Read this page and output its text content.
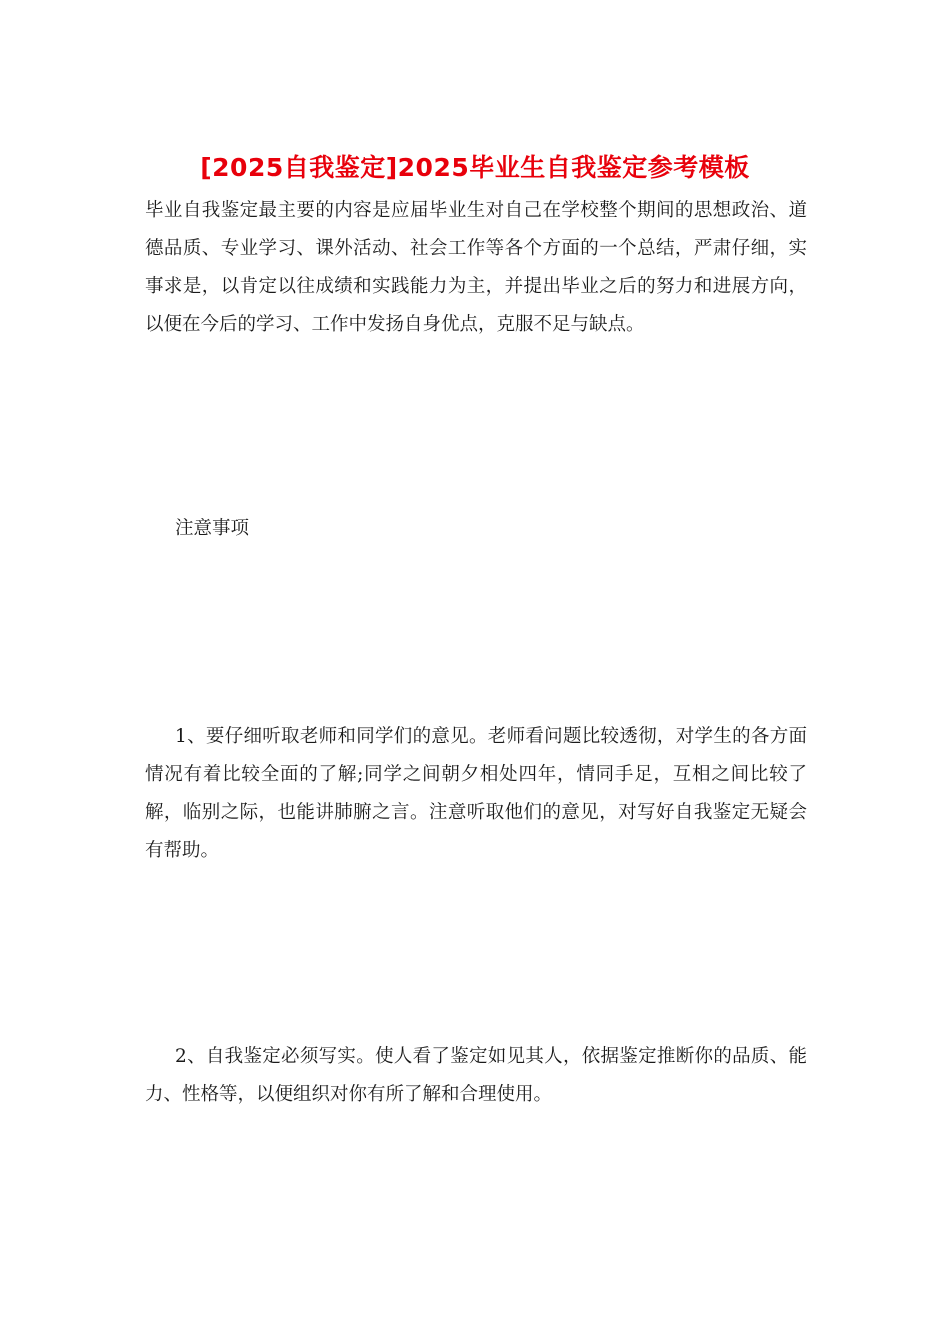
[2025自我鉴定]2025毕业生自我鉴定参考模板

毕业自我鉴定最主要的内容是应届毕业生对自己在学校整个期间的思想政治、道德品质、专业学习、课外活动、社会工作等各个方面的一个总结，严肃仔细，实事求是，以肯定以往成绩和实践能力为主，并提出毕业之后的努力和进展方向，以便在今后的学习、工作中发扬自身优点，克服不足与缺点。

注意事项

1、要仔细听取老师和同学们的意见。老师看问题比较透彻，对学生的各方面情况有着比较全面的了解;同学之间朝夕相处四年，情同手足，互相之间比较了解，临别之际，也能讲肺腑之言。注意听取他们的意见，对写好自我鉴定无疑会有帮助。

2、自我鉴定必须写实。使人看了鉴定如见其人，依据鉴定推断你的品质、能力、性格等，以便组织对你有所了解和合理使用。
